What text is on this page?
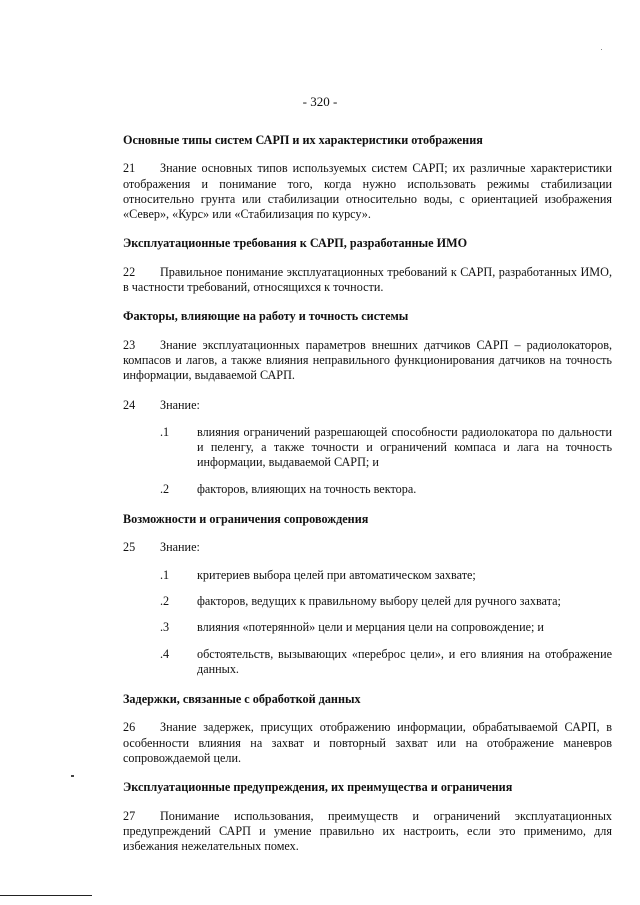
- 320 -
Основные типы систем САРП и их характеристики отображения
21 Знание основных типов используемых систем САРП; их различные характеристики отображения и понимание того, когда нужно использовать режимы стабилизации относительно грунта или стабилизации относительно воды, с ориентацией изображения «Север», «Курс» или «Стабилизация по курсу».
Эксплуатационные требования к САРП, разработанные ИМО
22 Правильное понимание эксплуатационных требований к САРП, разработанных ИМО, в частности требований, относящихся к точности.
Факторы, влияющие на работу и точность системы
23 Знание эксплуатационных параметров внешних датчиков САРП – радиолокаторов, компасов и лагов, а также влияния неправильного функционирования датчиков на точность информации, выдаваемой САРП.
24	Знание:
.1	влияния ограничений разрешающей способности радиолокатора по дальности и пеленгу, а также точности и ограничений компаса и лага на точность информации, выдаваемой САРП; и
.2	факторов, влияющих на точность вектора.
Возможности и ограничения сопровождения
25	Знание:
.1	критериев выбора целей при автоматическом захвате;
.2	факторов, ведущих к правильному выбору целей для ручного захвата;
.3	влияния «потерянной» цели и мерцания цели на сопровождение; и
.4	обстоятельств, вызывающих «переброс цели», и его влияния на отображение данных.
Задержки, связанные с обработкой данных
26 Знание задержек, присущих отображению информации, обрабатываемой САРП, в особенности влияния на захват и повторный захват или на отображение маневров сопровождаемой цели.
Эксплуатационные предупреждения, их преимущества и ограничения
27 Понимание использования, преимуществ и ограничений эксплуатационных предупреждений САРП и умение правильно их настроить, если это применимо, для избежания нежелательных помех.
